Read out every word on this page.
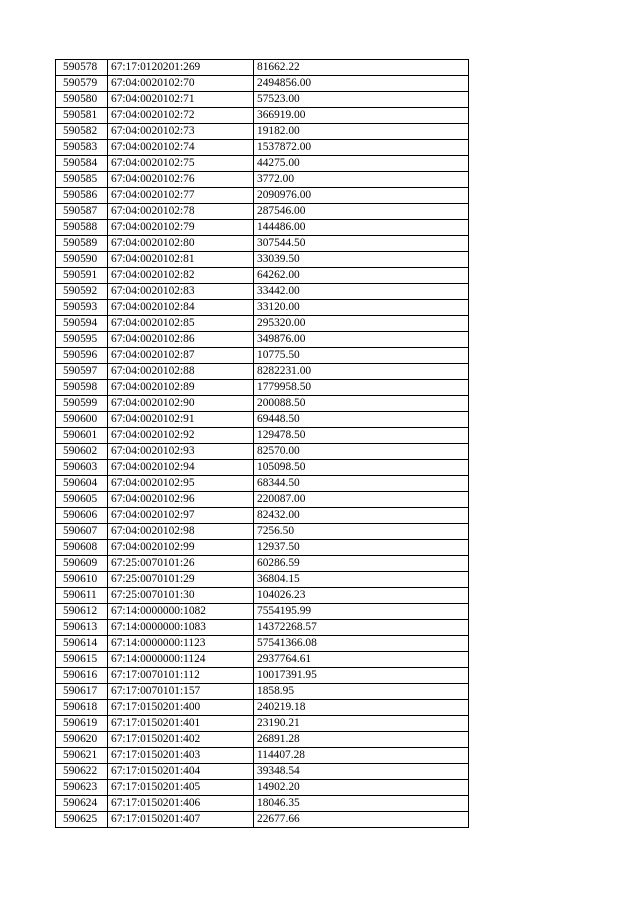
590578	67:17:0120201:269	81662.22
590579	67:04:0020102:70	2494856.00
590580	67:04:0020102:71	57523.00
590581	67:04:0020102:72	366919.00
590582	67:04:0020102:73	19182.00
590583	67:04:0020102:74	1537872.00
590584	67:04:0020102:75	44275.00
590585	67:04:0020102:76	3772.00
590586	67:04:0020102:77	2090976.00
590587	67:04:0020102:78	287546.00
590588	67:04:0020102:79	144486.00
590589	67:04:0020102:80	307544.50
590590	67:04:0020102:81	33039.50
590591	67:04:0020102:82	64262.00
590592	67:04:0020102:83	33442.00
590593	67:04:0020102:84	33120.00
590594	67:04:0020102:85	295320.00
590595	67:04:0020102:86	349876.00
590596	67:04:0020102:87	10775.50
590597	67:04:0020102:88	8282231.00
590598	67:04:0020102:89	1779958.50
590599	67:04:0020102:90	200088.50
590600	67:04:0020102:91	69448.50
590601	67:04:0020102:92	129478.50
590602	67:04:0020102:93	82570.00
590603	67:04:0020102:94	105098.50
590604	67:04:0020102:95	68344.50
590605	67:04:0020102:96	220087.00
590606	67:04:0020102:97	82432.00
590607	67:04:0020102:98	7256.50
590608	67:04:0020102:99	12937.50
590609	67:25:0070101:26	60286.59
590610	67:25:0070101:29	36804.15
590611	67:25:0070101:30	104026.23
590612	67:14:0000000:1082	7554195.99
590613	67:14:0000000:1083	14372268.57
590614	67:14:0000000:1123	57541366.08
590615	67:14:0000000:1124	2937764.61
590616	67:17:0070101:112	10017391.95
590617	67:17:0070101:157	1858.95
590618	67:17:0150201:400	240219.18
590619	67:17:0150201:401	23190.21
590620	67:17:0150201:402	26891.28
590621	67:17:0150201:403	114407.28
590622	67:17:0150201:404	39348.54
590623	67:17:0150201:405	14902.20
590624	67:17:0150201:406	18046.35
590625	67:17:0150201:407	22677.66
